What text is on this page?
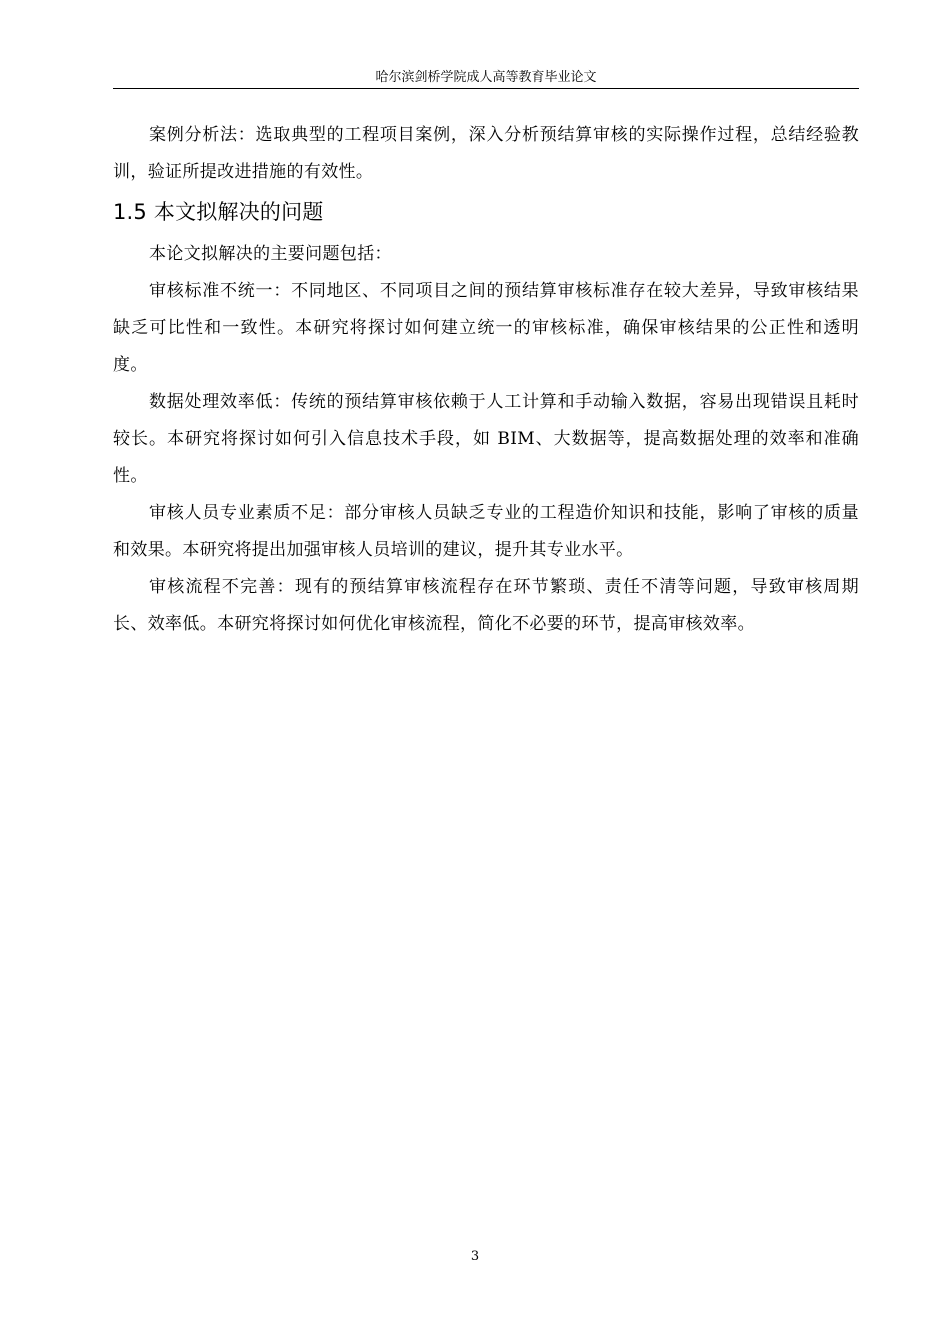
哈尔滨剑桥学院成人高等教育毕业论文

案例分析法：选取典型的工程项目案例，深入分析预结算审核的实际操作过程，总结经验教训，验证所提改进措施的有效性。

1.5 本文拟解决的问题

本论文拟解决的主要问题包括：

审核标准不统一：不同地区、不同项目之间的预结算审核标准存在较大差异，导致审核结果缺乏可比性和一致性。本研究将探讨如何建立统一的审核标准，确保审核结果的公正性和透明度。

数据处理效率低：传统的预结算审核依赖于人工计算和手动输入数据，容易出现错误且耗时较长。本研究将探讨如何引入信息技术手段，如 BIM、大数据等，提高数据处理的效率和准确性。

审核人员专业素质不足：部分审核人员缺乏专业的工程造价知识和技能，影响了审核的质量和效果。本研究将提出加强审核人员培训的建议，提升其专业水平。

审核流程不完善：现有的预结算审核流程存在环节繁琐、责任不清等问题，导致审核周期长、效率低。本研究将探讨如何优化审核流程，简化不必要的环节，提高审核效率。

3
